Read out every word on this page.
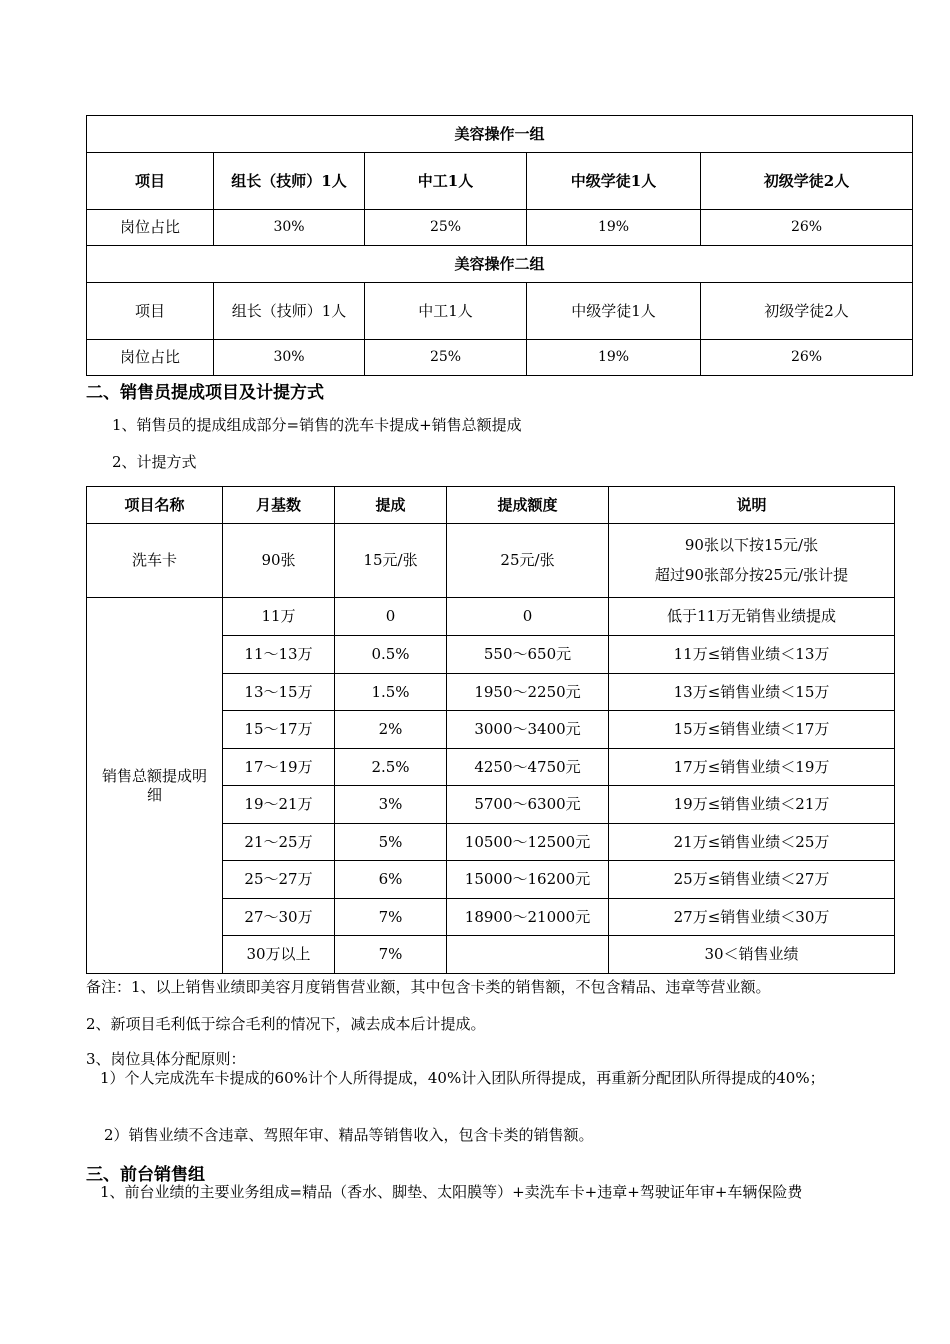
美容操作一组				
项目	组长（技师）1人	中工1人	中级学徒1人	初级学徒2人
岗位占比	30%	25%	19%	26%
美容操作二组				
项目	组长（技师）1人	中工1人	中级学徒1人	初级学徒2人
岗位占比	30%	25%	19%	26%
二、销售员提成项目及计提方式
1、销售员的提成组成部分=销售的洗车卡提成+销售总额提成
2、计提方式
项目名称	月基数	提成	提成额度	说明
洗车卡	90张	15元/张	25元/张	90张以下按15元/张
超过90张部分按25元/张计提

销售总额提成明细	11万	0	0	低于11万无销售业绩提成
	11～13万	0.5%	550～650元	11万≤销售业绩＜13万
	13～15万	1.5%	1950～2250元	13万≤销售业绩＜15万
	15～17万	2%	3000～3400元	15万≤销售业绩＜17万
	17～19万	2.5%	4250～4750元	17万≤销售业绩＜19万
	19～21万	3%	5700～6300元	19万≤销售业绩＜21万
	21～25万	5%	10500～12500元	21万≤销售业绩＜25万
	25～27万	6%	15000～16200元	25万≤销售业绩＜27万
	27～30万	7%	18900～21000元	27万≤销售业绩＜30万
	30万以上	7%		30＜销售业绩
备注：1、以上销售业绩即美容月度销售营业额，其中包含卡类的销售额，不包含精品、违章等营业额。
2、新项目毛利低于综合毛利的情况下，减去成本后计提成。
3、岗位具体分配原则：
1）个人完成洗车卡提成的60%计个人所得提成，40%计入团队所得提成，再重新分配团队所得提成的40%；
2）销售业绩不含违章、驾照年审、精品等销售收入，包含卡类的销售额。
三、前台销售组
1、前台业绩的主要业务组成=精品（香水、脚垫、太阳膜等）+卖洗车卡+违章+驾驶证年审+车辆保险费
